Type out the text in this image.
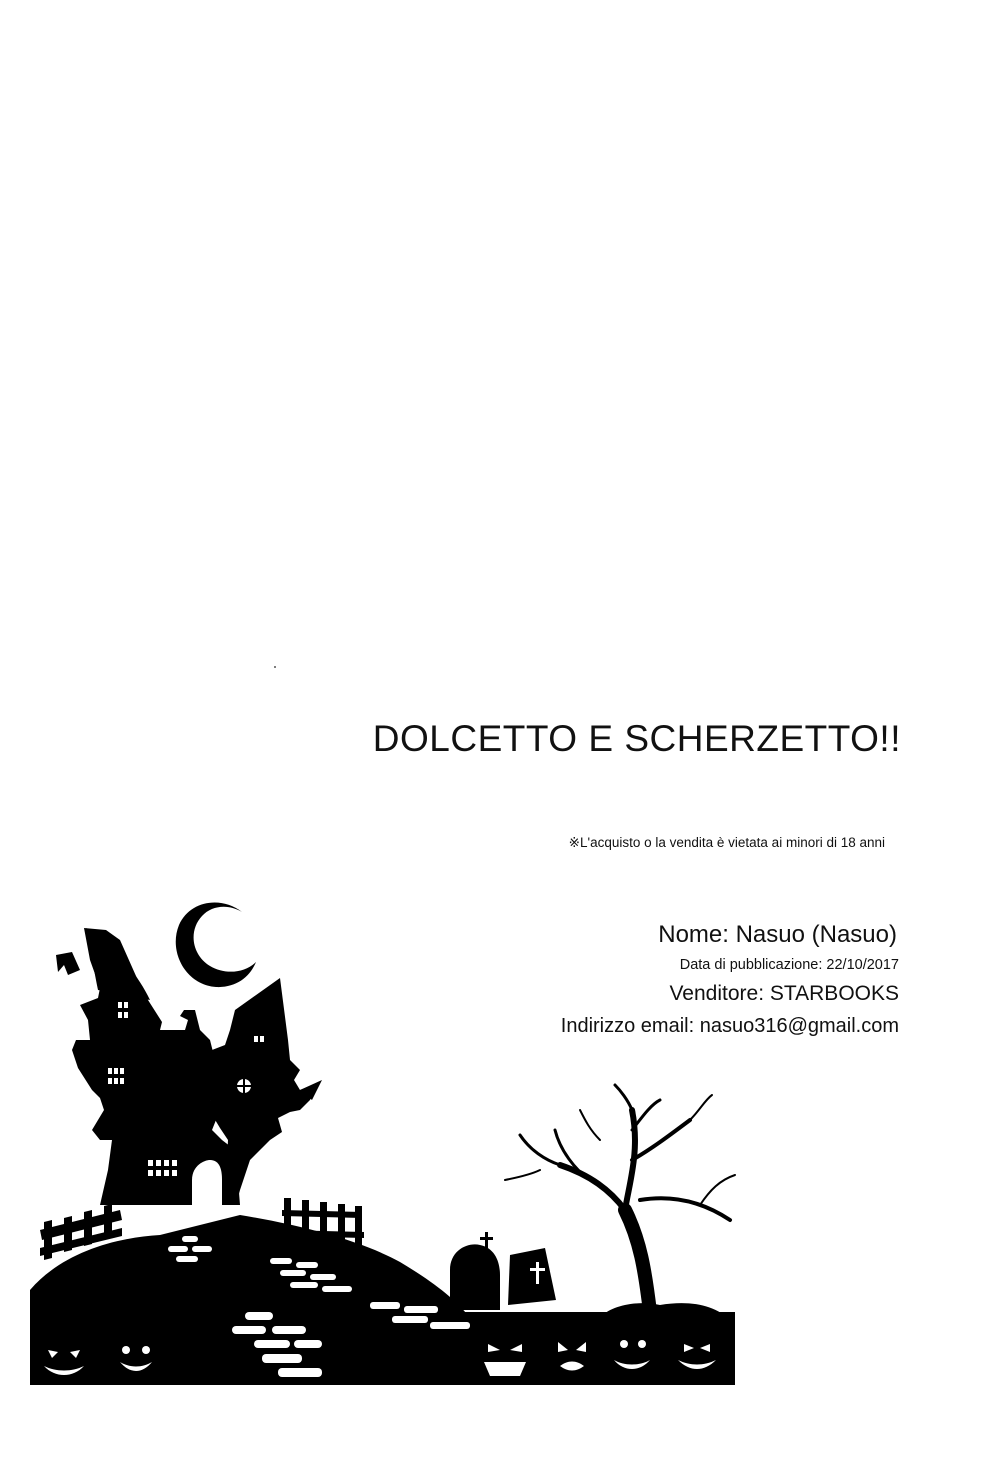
DOLCETTO E SCHERZETTO!!
※L'acquisto o la vendita è vietata ai minori di 18 anni
Nome: Nasuo (Nasuo)
Data di pubblicazione: 22/10/2017
Venditore: STARBOOKS
Indirizzo email: nasuo316@gmail.com
